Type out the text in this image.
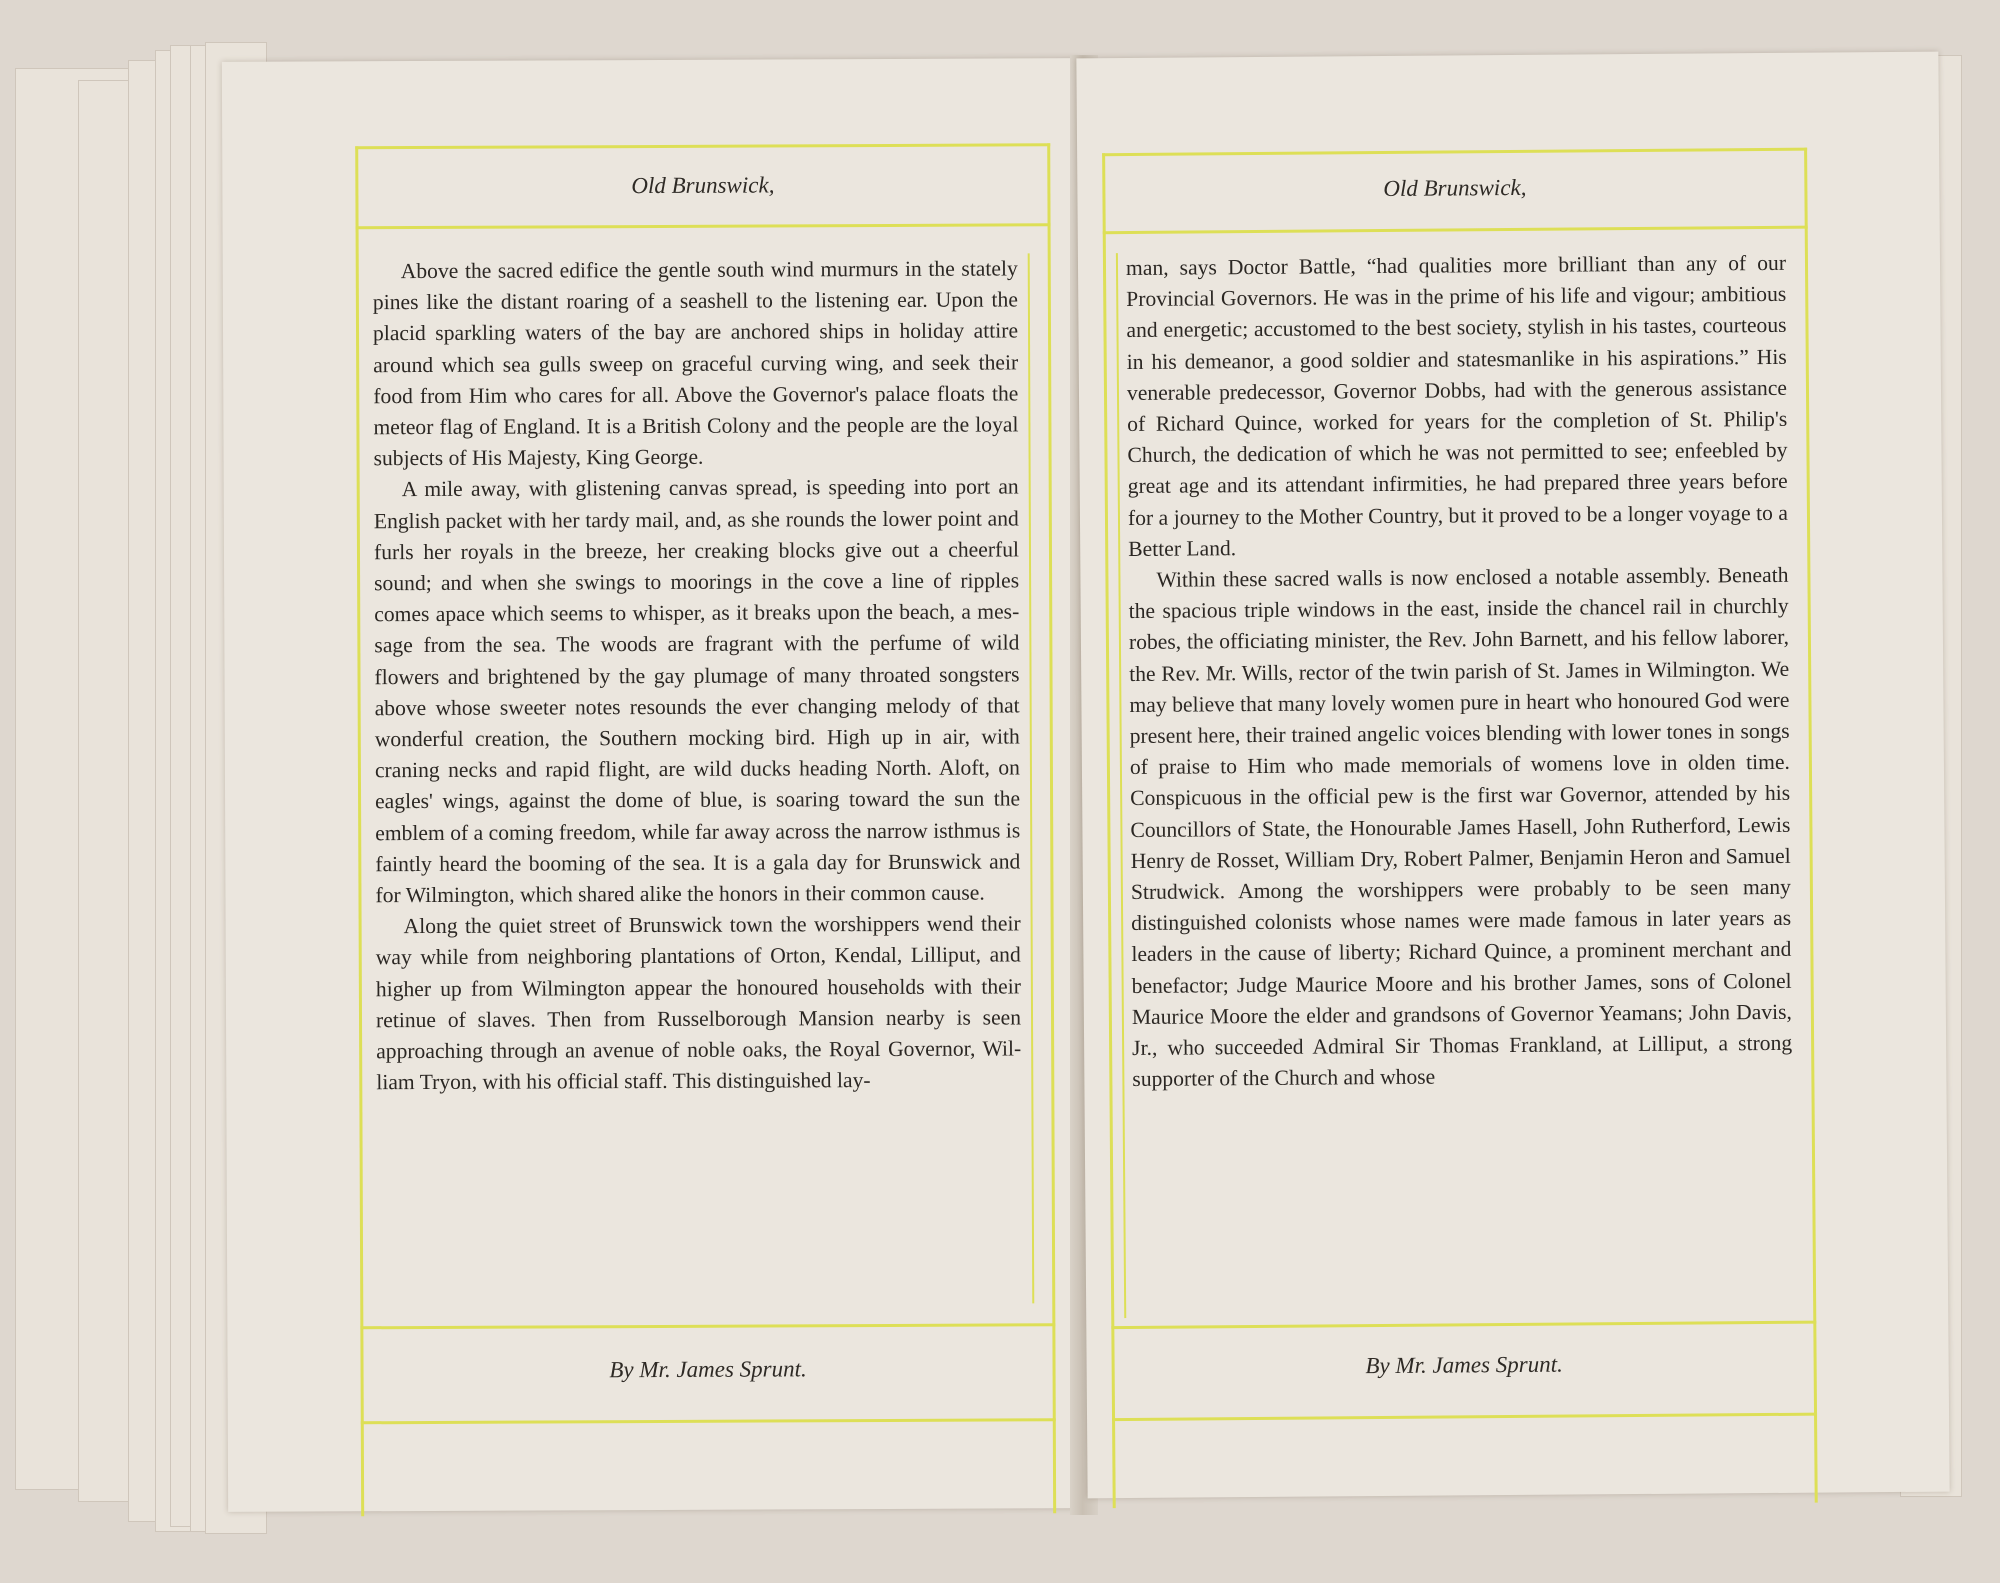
Old Brunswick,

Above the sacred edifice the gentle south wind murmurs in the stately pines like the distant roaring of a seashell to the listening ear. Upon the placid sparkling waters of the bay are anchored ships in holiday attire around which sea gulls sweep on graceful curving wing, and seek their food from Him who cares for all. Above the Governor's palace floats the meteor flag of England. It is a British Colony and the people are the loyal subjects of His Majesty, King George.

A mile away, with glistening canvas spread, is speeding into port an English packet with her tardy mail, and, as she rounds the lower point and furls her royals in the breeze, her creaking blocks give out a cheerful sound; and when she swings to moorings in the cove a line of ripples comes apace which seems to whisper, as it breaks upon the beach, a message from the sea. The woods are fragrant with the perfume of wild flowers and brightened by the gay plumage of many throated songsters above whose sweeter notes resounds the ever changing melody of that wonderful creation, the Southern mocking bird. High up in air, with craning necks and rapid flight, are wild ducks heading North. Aloft, on eagles' wings, against the dome of blue, is soaring toward the sun the emblem of a coming freedom, while far away across the narrow isthmus is faintly heard the booming of the sea. It is a gala day for Brunswick and for Wilmington, which shared alike the honors in their common cause.

Along the quiet street of Brunswick town the worshippers wend their way while from neighboring plantations of Orton, Kendal, Lilliput, and higher up from Wilmington appear the honoured households with their retinue of slaves. Then from Russelborough Mansion nearby is seen approaching through an avenue of noble oaks, the Royal Governor, William Tryon, with his official staff. This distinguished lay-

By Mr. James Sprunt.
Old Brunswick,

man, says Doctor Battle, “had qualities more brilliant than any of our Provincial Governors. He was in the prime of his life and vigour; ambitious and energetic; accustomed to the best society, stylish in his tastes, courteous in his demeanor, a good soldier and statesmanlike in his aspirations.” His venerable predecessor, Governor Dobbs, had with the generous assistance of Richard Quince, worked for years for the completion of St. Philip's Church, the dedication of which he was not permitted to see; enfeebled by great age and its attendant infirmities, he had prepared three years before for a journey to the Mother Country, but it proved to be a longer voyage to a Better Land.

Within these sacred walls is now enclosed a notable assembly. Beneath the spacious triple windows in the east, inside the chancel rail in churchly robes, the officiating minister, the Rev. John Barnett, and his fellow laborer, the Rev. Mr. Wills, rector of the twin parish of St. James in Wilmington. We may believe that many lovely women pure in heart who honoured God were present here, their trained angelic voices blending with lower tones in songs of praise to Him who made memorials of womens love in olden time. Conspicuous in the official pew is the first war Governor, attended by his Councillors of State, the Honourable James Hasell, John Rutherford, Lewis Henry de Rosset, William Dry, Robert Palmer, Benjamin Heron and Samuel Strudwick. Among the worshippers were probably to be seen many distinguished colonists whose names were made famous in later years as leaders in the cause of liberty; Richard Quince, a prominent merchant and benefactor; Judge Maurice Moore and his brother James, sons of Colonel Maurice Moore the elder and grandsons of Governor Yeamans; John Davis, Jr., who succeeded Admiral Sir Thomas Frankland, at Lilliput, a strong supporter of the Church and whose

By Mr. James Sprunt.
